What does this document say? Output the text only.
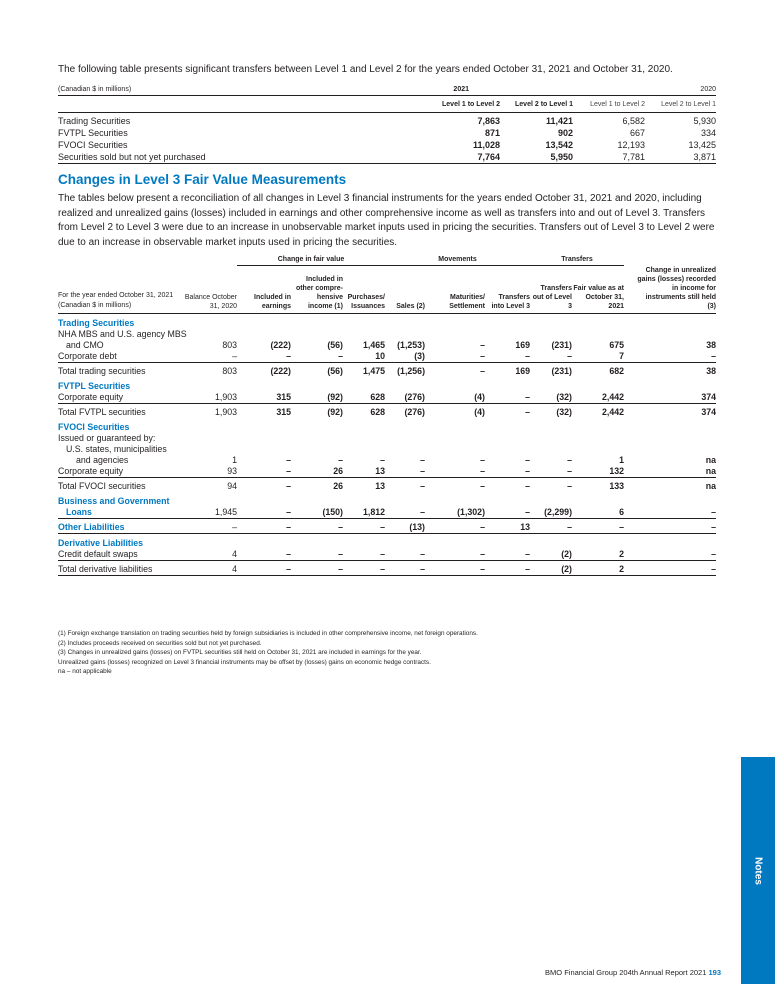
The following table presents significant transfers between Level 1 and Level 2 for the years ended October 31, 2021 and October 31, 2020.
(Canadian $ in millions)	2021		2020	
	Level 1 to Level 2	Level 2 to Level 1	Level 1 to Level 2	Level 2 to Level 1

Trading Securities	7,863	11,421	6,582	5,930
FVTPL Securities	871	902	667	334
FVOCI Securities	11,028	13,542	12,193	13,425
Securities sold but not yet purchased	7,764	5,950	7,781	3,871
Changes in Level 3 Fair Value Measurements
The tables below present a reconciliation of all changes in Level 3 financial instruments for the years ended October 31, 2021 and 2020, including realized and unrealized gains (losses) included in earnings and other comprehensive income as well as transfers into and out of Level 3. Transfers from Level 2 to Level 3 were due to an increase in unobservable market inputs used in pricing the securities. Transfers out of Level 3 to Level 2 were due to an increase in observable market inputs used in pricing the securities.
		Change in fair value			Movements			Transfers		

For the year ended October 31, 2021
(Canadian $ in millions)	Balance October 31, 2020	Included in earnings	Included in other compre- hensive income (1)	Purchases/ Issuances	Sales (2)	Maturities/ Settlement	Transfers into Level 3	Transfers out of Level 3	Fair value as at October 31, 2021	Change in unrealized gains (losses) recorded in income for instruments still held (3)
Trading Securities										
NHA MBS and U.S. agency MBS										
and CMO	803	(222)	(56)	1,465	(1,253)	–	169	(231)	675	38
Corporate debt	–	–	–	10	(3)	–	–	–	7	–
Total trading securities	803	(222)	(56)	1,475	(1,256)	–	169	(231)	682	38
FVTPL Securities										
Corporate equity	1,903	315	(92)	628	(276)	(4)	–	(32)	2,442	374
Total FVTPL securities	1,903	315	(92)	628	(276)	(4)	–	(32)	2,442	374
FVOCI Securities										
Issued or guaranteed by:										
U.S. states, municipalities										
and agencies	1	–	–	–	–	–	–	–	1	na
Corporate equity	93	–	26	13	–	–	–	–	132	na
Total FVOCI securities	94	–	26	13	–	–	–	–	133	na
Business and Government										
Loans	1,945	–	(150)	1,812	–	(1,302)	–	(2,299)	6	–
Other Liabilities	–	–	–	–	(13)	–	13	–	–	–
Derivative Liabilities										
Credit default swaps	4	–	–	–	–	–	–	(2)	2	–
Total derivative liabilities	4	–	–	–	–	–	–	(2)	2	–
(1) Foreign exchange translation on trading securities held by foreign subsidiaries is included in other comprehensive income, net foreign operations.
(2) Includes proceeds received on securities sold but not yet purchased.
(3) Changes in unrealized gains (losses) on FVTPL securities still held on October 31, 2021 are included in earnings for the year.
Unrealized gains (losses) recognized on Level 3 financial instruments may be offset by (losses) gains on economic hedge contracts.
na – not applicable
Notes
BMO Financial Group 204th Annual Report 2021 193
